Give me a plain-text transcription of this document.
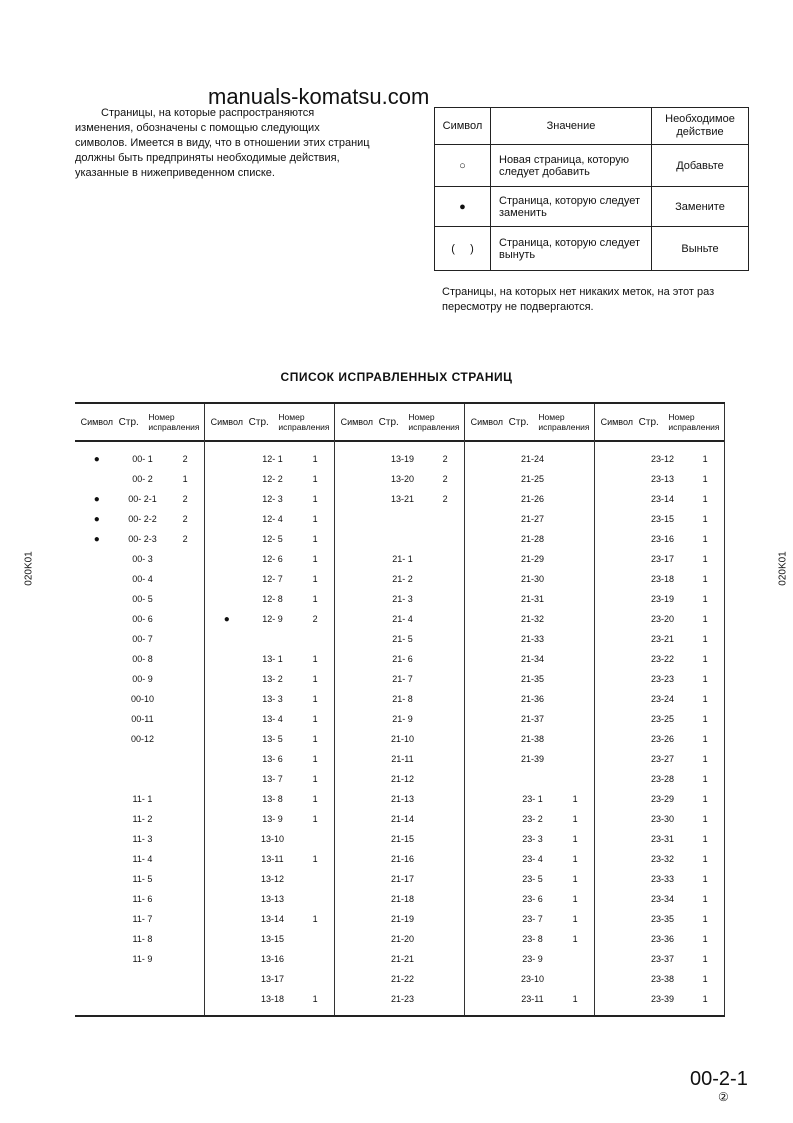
manuals-komatsu.com
Страницы, на которые распространяются изменения, обозначены с помощью следующих символов. Имеется в виду, что в отношении этих страниц должны быть предприняты необходимые действия, указанные в нижеприведенном списке.
Символ	Значение	Необходимое действие
○	Новая страница, которую следует добавить	Добавьте
●	Страница, которую следует заменить	Замените
(     )	Страница, которую следует вынуть	Выньте
Страницы, на которых нет никаких меток, на этот раз пересмотру не подвергаются.
СПИСОК ИСПРАВЛЕННЫХ СТРАНИЦ
Символ Стр.	Номер исправления
●	00- 1	2
00- 2	1
●	00- 2-1	2
●	00- 2-2	2
●	00- 2-3	2
00- 3
00- 4
00- 5
00- 6
00- 7
00- 8
00- 9
00-10
00-11
00-12
11- 1
11- 2
11- 3
11- 4
11- 5
11- 6
11- 7
11- 8
11- 9
Символ Стр.	Номер исправления
12- 1	1
12- 2	1
12- 3	1
12- 4	1
12- 5	1
12- 6	1
12- 7	1
12- 8	1
●	12- 9	2
13- 1	1
13- 2	1
13- 3	1
13- 4	1
13- 5	1
13- 6	1
13- 7	1
13- 8	1
13- 9	1
13-10
13-11	1
13-12
13-13
13-14	1
13-15
13-16
13-17
13-18	1
Символ Стр.	Номер исправления
13-19	2
13-20	2
13-21	2
21- 1
21- 2
21- 3
21- 4
21- 5
21- 6
21- 7
21- 8
21- 9
21-10
21-11
21-12
21-13
21-14
21-15
21-16
21-17
21-18
21-19
21-20
21-21
21-22
21-23
Символ Стр.	Номер исправления
21-24
21-25
21-26
21-27
21-28
21-29
21-30
21-31
21-32
21-33
21-34
21-35
21-36
21-37
21-38
21-39
23- 1	1
23- 2	1
23- 3	1
23- 4	1
23- 5	1
23- 6	1
23- 7	1
23- 8	1
23- 9
23-10
23-11	1
Символ Стр.	Номер исправления
23-12	1
23-13	1
23-14	1
23-15	1
23-16	1
23-17	1
23-18	1
23-19	1
23-20	1
23-21	1
23-22	1
23-23	1
23-24	1
23-25	1
23-26	1
23-27	1
23-28	1
23-29	1
23-30	1
23-31	1
23-32	1
23-33	1
23-34	1
23-35	1
23-36	1
23-37	1
23-38	1
23-39	1
020K01	020K01
00-2-1
②
